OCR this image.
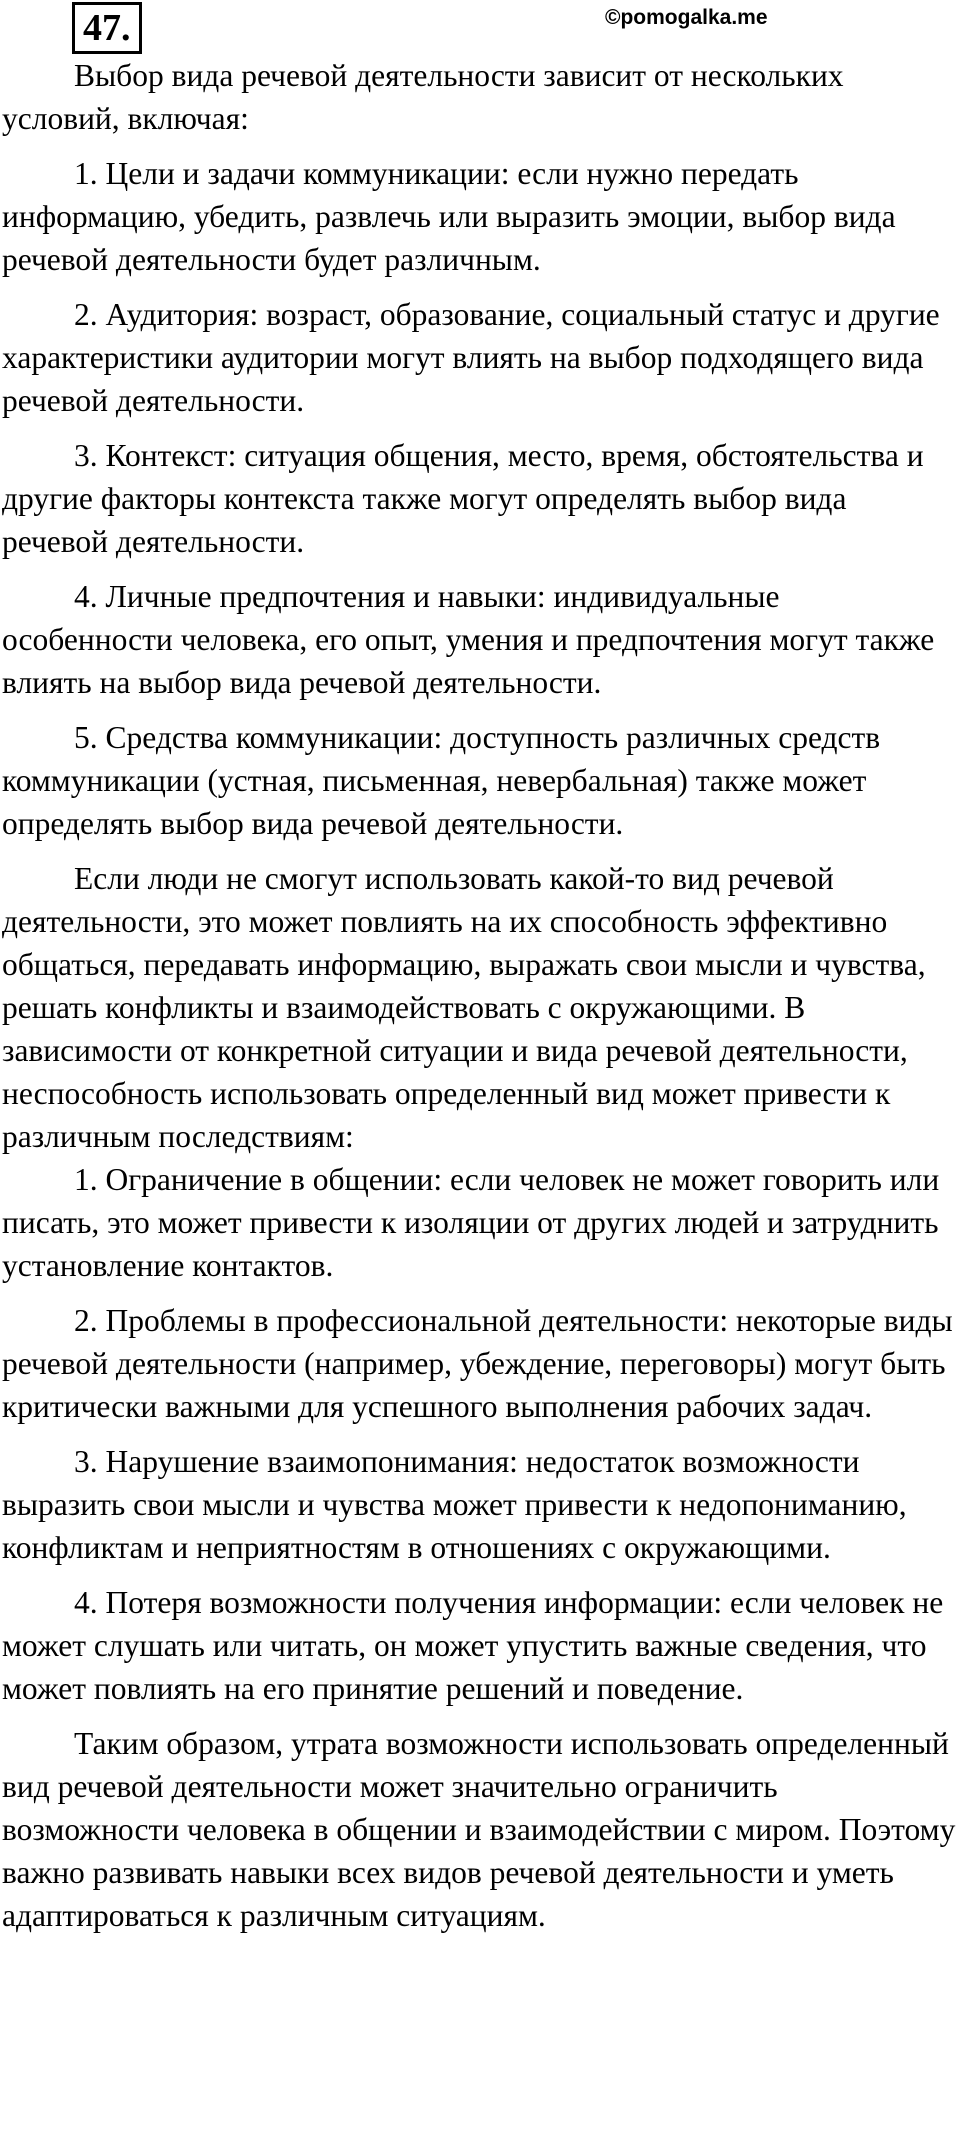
47.	©pomogalka.me

Выбор вида речевой деятельности зависит от нескольких условий, включая:

1. Цели и задачи коммуникации: если нужно передать информацию, убедить, развлечь или выразить эмоции, выбор вида речевой деятельности будет различным.

2. Аудитория: возраст, образование, социальный статус и другие характеристики аудитории могут влиять на выбор подходящего вида речевой деятельности.

3. Контекст: ситуация общения, место, время, обстоятельства и другие факторы контекста также могут определять выбор вида речевой деятельности.

4. Личные предпочтения и навыки: индивидуальные особенности человека, его опыт, умения и предпочтения могут также влиять на выбор вида речевой деятельности.

5. Средства коммуникации: доступность различных средств коммуникации (устная, письменная, невербальная) также может определять выбор вида речевой деятельности.

Если люди не смогут использовать какой-то вид речевой деятельности, это может повлиять на их способность эффективно общаться, передавать информацию, выражать свои мысли и чувства, решать конфликты и взаимодействовать с окружающими. В зависимости от конкретной ситуации и вида речевой деятельности, неспособность использовать определенный вид может привести к различным последствиям:

1. Ограничение в общении: если человек не может говорить или писать, это может привести к изоляции от других людей и затруднить установление контактов.

2. Проблемы в профессиональной деятельности: некоторые виды речевой деятельности (например, убеждение, переговоры) могут быть критически важными для успешного выполнения рабочих задач.

3. Нарушение взаимопонимания: недостаток возможности выразить свои мысли и чувства может привести к недопониманию, конфликтам и неприятностям в отношениях с окружающими.

4. Потеря возможности получения информации: если человек не может слушать или читать, он может упустить важные сведения, что может повлиять на его принятие решений и поведение.

Таким образом, утрата возможности использовать определенный вид речевой деятельности может значительно ограничить возможности человека в общении и взаимодействии с миром. Поэтому важно развивать навыки всех видов речевой деятельности и уметь адаптироваться к различным ситуациям.
